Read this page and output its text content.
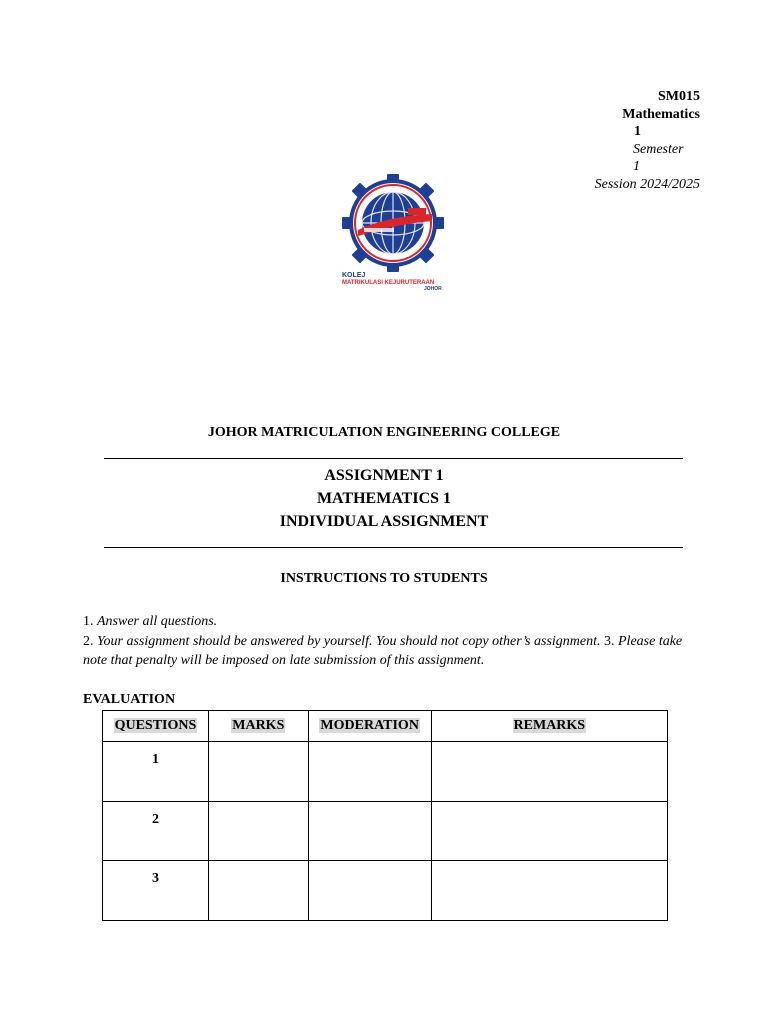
SM015
Mathematics
1
Semester
1
Session 2024/2025
KOLEJ
MATRIKULASI KEJURUTERAAN
JOHOR
JOHOR MATRICULATION ENGINEERING COLLEGE
ASSIGNMENT 1
MATHEMATICS 1
INDIVIDUAL ASSIGNMENT
INSTRUCTIONS TO STUDENTS
1. Answer all questions.
2. Your assignment should be answered by yourself. You should not copy other’s assignment. 3. Please take note that penalty will be imposed on late submission of this assignment.
EVALUATION
QUESTIONS	MARKS	MODERATION	REMARKS
1			
2			
3			
